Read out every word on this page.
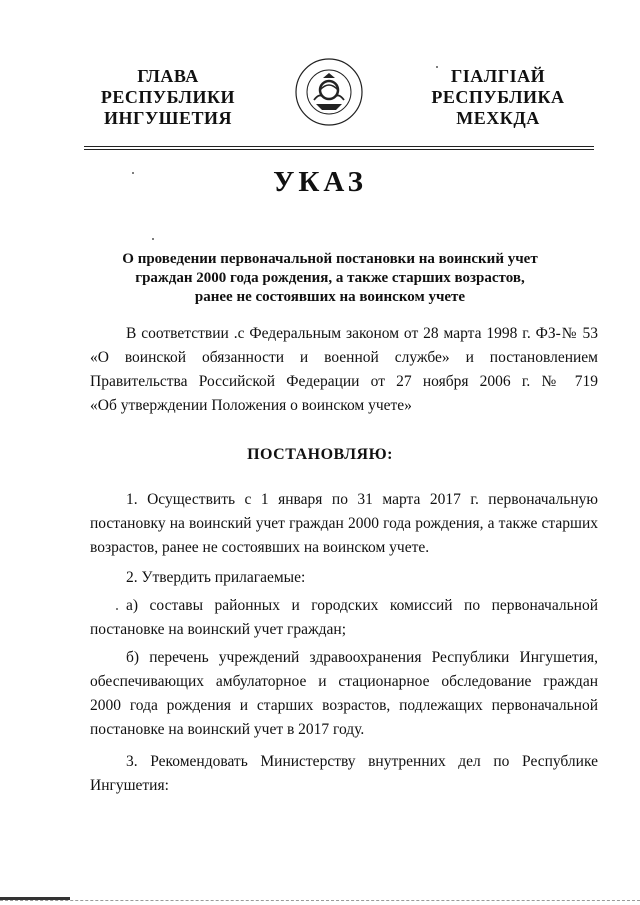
ГЛАВА
РЕСПУБЛИКИ
ИНГУШЕТИЯ
ГIАЛГIАЙ
РЕСПУБЛИКА
МЕХКДА
УКАЗ
О проведении первоначальной постановки на воинский учет
граждан 2000 года рождения, а также старших возрастов,
ранее не состоявших на воинском учете
В соответствии .с Федеральным законом от 28 марта 1998 г. ФЗ-№ 53
«О воинской обязанности и военной службе» и постановлением
Правительства Российской Федерации от 27 ноября 2006 г. № 719
«Об утверждении Положения о воинском учете»
ПОСТАНОВЛЯЮ:
1. Осуществить с 1 января по 31 марта 2017 г. первоначальную
постановку на воинский учет граждан 2000 года рождения, а также старших
возрастов, ранее не состоявших на воинском учете.
2. Утвердить прилагаемые:
а) составы районных и городских комиссий по первоначальной
постановке на воинский учет граждан;
б) перечень учреждений здравоохранения Республики Ингушетия,
обеспечивающих амбулаторное и стационарное обследование граждан
2000 года рождения и старших возрастов, подлежащих первоначальной
постановке на воинский учет в 2017 году.
3. Рекомендовать Министерству внутренних дел по Республике
Ингушетия:
